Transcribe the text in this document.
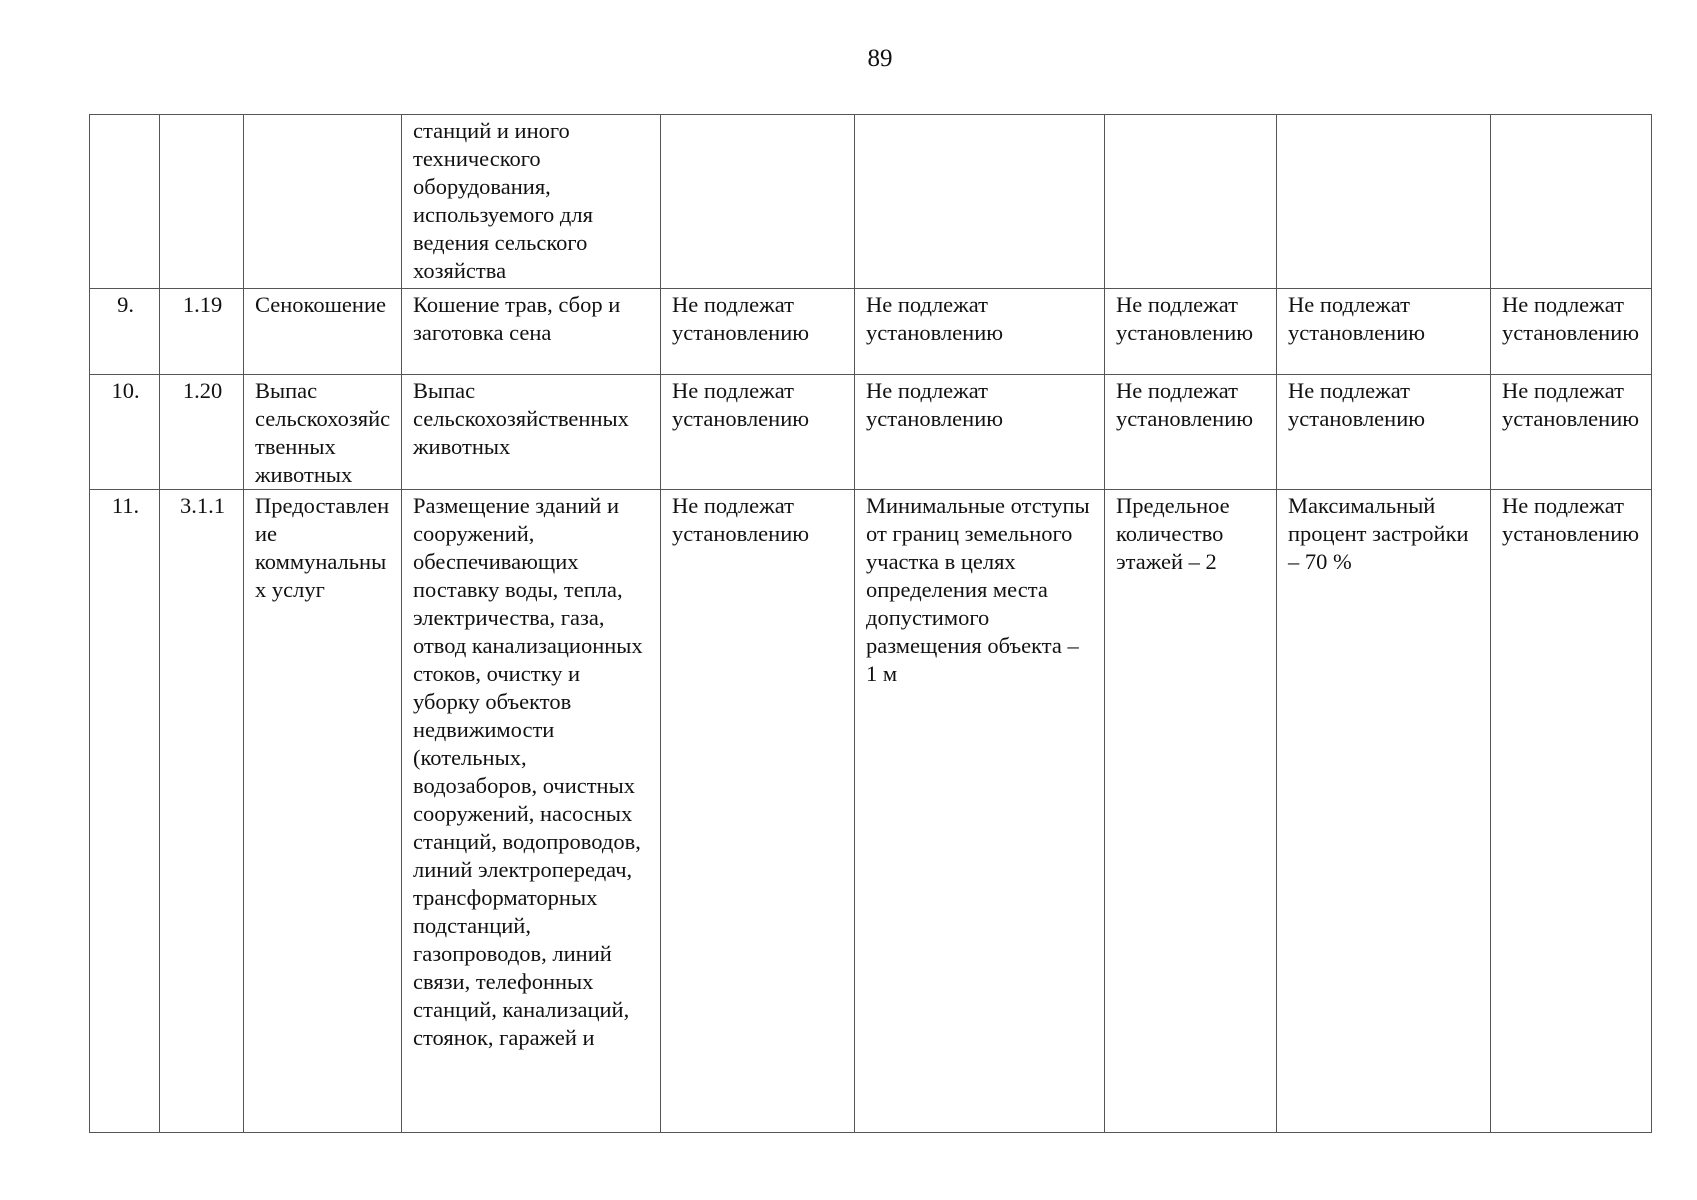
89
			станций и иного технического оборудования, используемого для ведения сельского хозяйства					
9.	1.19	Сенокошение	Кошение трав, сбор и заготовка сена	Не подлежат установлению	Не подлежат установлению	Не подлежат установлению	Не подлежат установлению	Не подлежат установлению
10.	1.20	Выпас сельскохозяйственных животных	Выпас сельскохозяйственных животных	Не подлежат установлению	Не подлежат установлению	Не подлежат установлению	Не подлежат установлению	Не подлежат установлению
11.	3.1.1	Предоставление коммунальных услуг	Размещение зданий и сооружений, обеспечивающих поставку воды, тепла, электричества, газа, отвод канализационных стоков, очистку и уборку объектов недвижимости (котельных, водозаборов, очистных сооружений, насосных станций, водопроводов, линий электропередач, трансформаторных подстанций, газопроводов, линий связи, телефонных станций, канализаций, стоянок, гаражей и	Не подлежат установлению	Минимальные отступы от границ земельного участка в целях определения места допустимого размещения объекта – 1 м	Предельное количество этажей – 2	Максимальный процент застройки – 70 %	Не подлежат установлению
